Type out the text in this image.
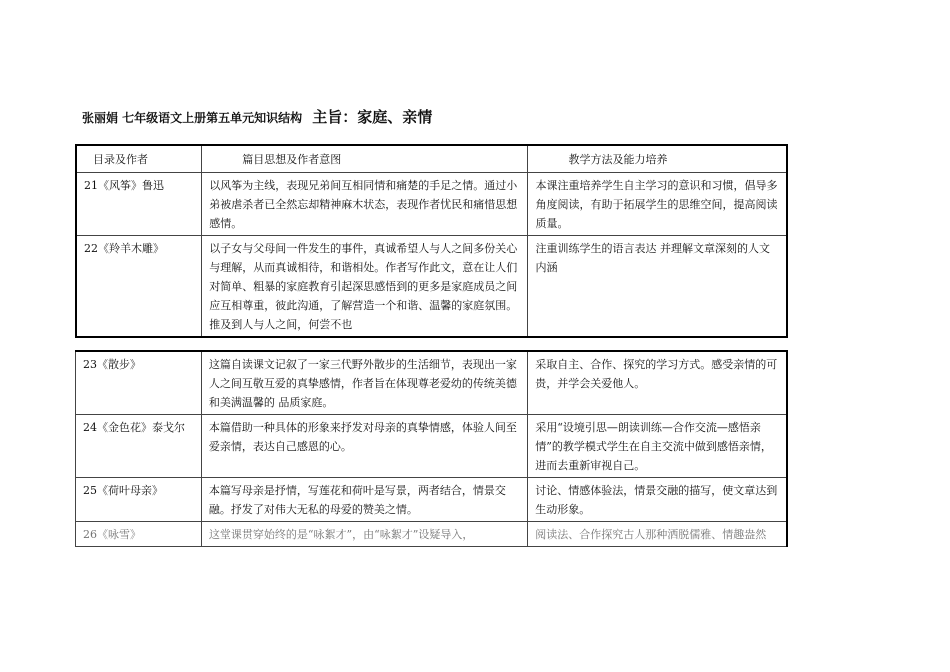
张丽娟 七年级语文上册第五单元知识结构 主旨：家庭、亲情
目录及作者	篇目思想及作者意图	教学方法及能力培养
21《风筝》鲁迅	以风筝为主线，表现兄弟间互相同情和痛楚的手足之情。通过小弟被虐杀者已全然忘却精神麻木状态，表现作者忧民和痛惜思想感情。	本课注重培养学生自主学习的意识和习惯，倡导多角度阅读，有助于拓展学生的思维空间，提高阅读质量。
22《羚羊木雕》	以子女与父母间一件发生的事件，真诚希望人与人之间多份关心与理解，从而真诚相待，和谐相处。作者写作此文，意在让人们对简单、粗暴的家庭教育引起深思感悟到的更多是家庭成员之间应互相尊重，彼此沟通，了解营造一个和谐、温馨的家庭氛围。推及到人与人之间，何尝不也	注重训练学生的语言表达 并理解文章深刻的人文内涵
23《散步》	这篇自读课文记叙了一家三代野外散步的生活细节，表现出一家人之间互敬互爱的真挚感情，作者旨在体现尊老爱幼的传统美德和美满温馨的 品质家庭。	采取自主、合作、探究的学习方式。感受亲情的可贵，并学会关爱他人。
24《金色花》泰戈尔	本篇借助一种具体的形象来抒发对母亲的真挚情感，体验人间至爱亲情，表达自己感恩的心。	采用“设境引思—朗读训练—合作交流—感悟亲情”的教学模式学生在自主交流中做到感悟亲情，进而去重新审视自己。
25《荷叶母亲》	本篇写母亲是抒情，写莲花和荷叶是写景，两者结合，情景交融。抒发了对伟大无私的母爱的赞美之情。	讨论、情感体验法，情景交融的描写，使文章达到生动形象。
26《咏雪》	这堂课贯穿始终的是“咏絮才”，由“咏絮才”设疑导入，	阅读法、合作探究古人那种洒脱儒雅、情趣盎然
